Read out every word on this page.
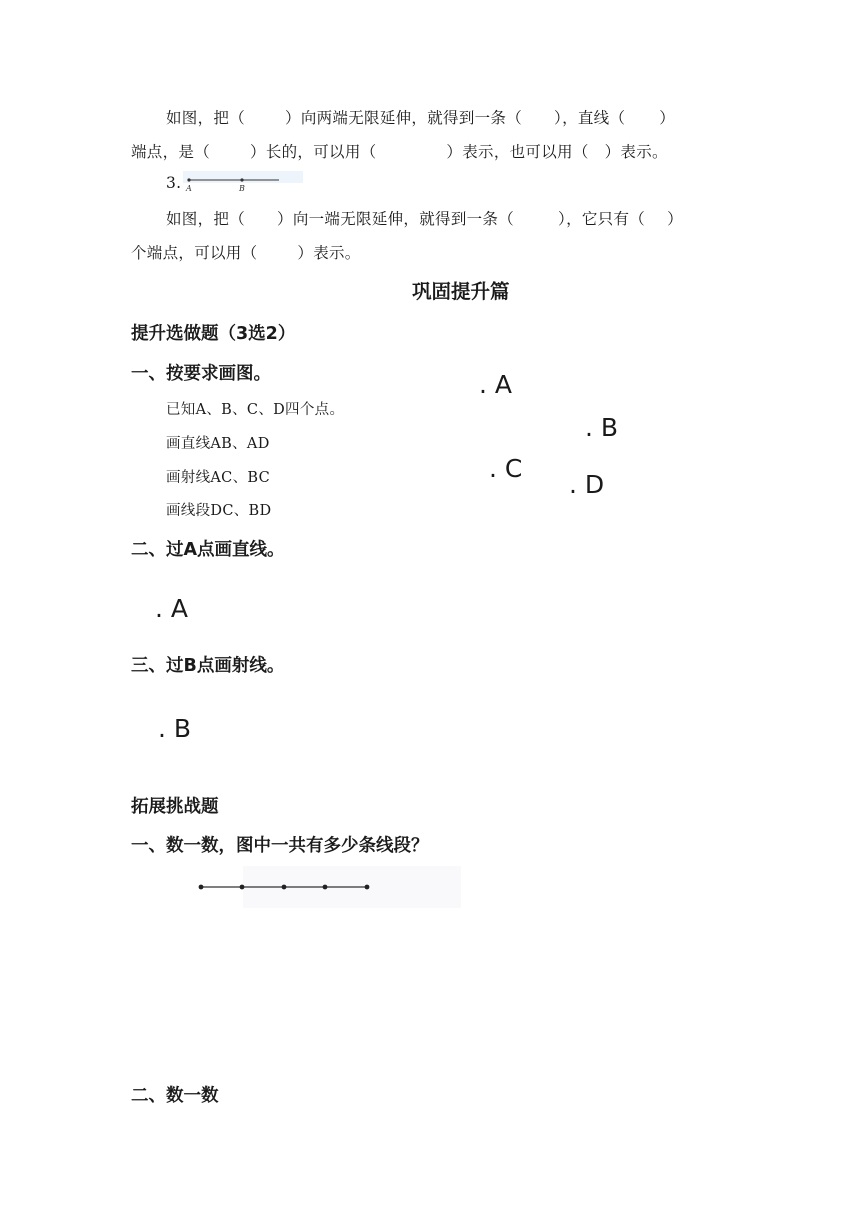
如图，把（	）向两端无限延伸，就得到一条（ ），直线（ ）
端点，是（	）长的，可以用（	）表示，也可以用（ ）表示。
3. A	B
如图，把（ ）向一端无限延伸，就得到一条（	），它只有（ ）
个端点，可以用（	）表示。
巩固提升篇
提升选做题（3选2）
一、按要求画图。
已知A、B、C、D四个点。
画直线AB、AD
画射线AC、BC
画线段DC、BD
. A
. B
. C
. D
二、过A点画直线。
. A
三、过B点画射线。
. B
拓展挑战题
一、数一数，图中一共有多少条线段？
二、数一数
